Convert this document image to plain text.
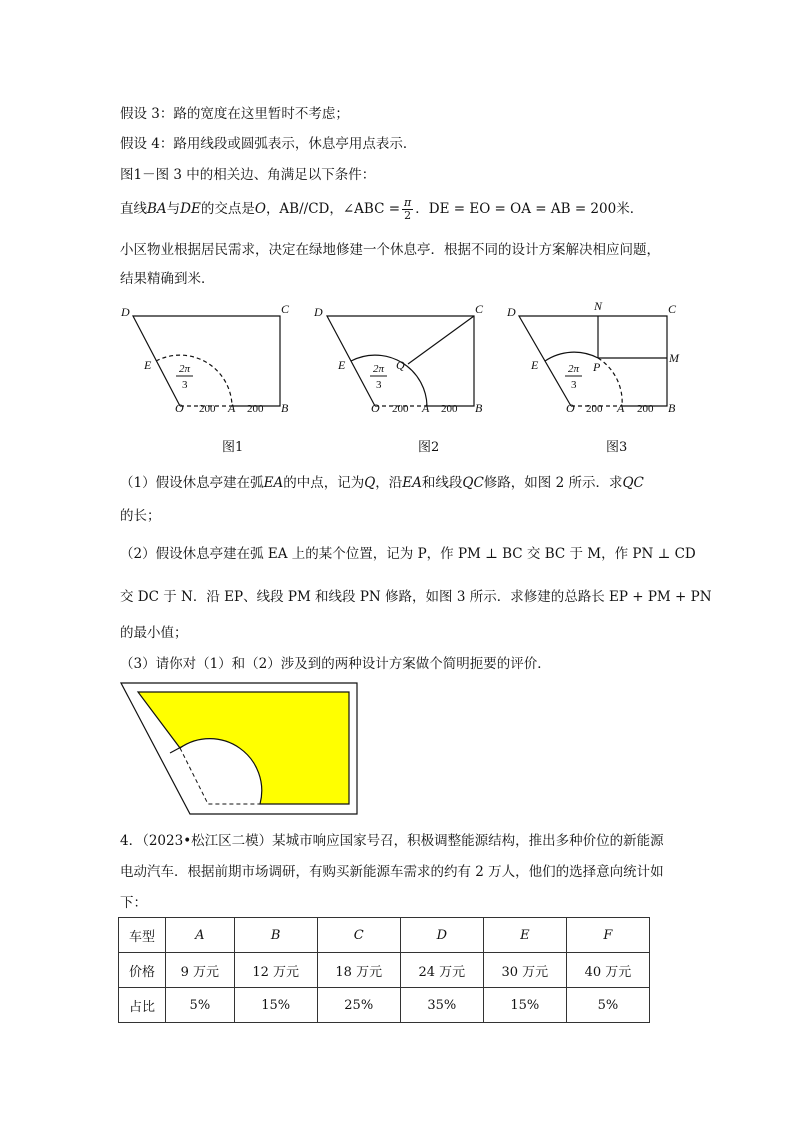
假设 3：路的宽度在这里暂时不考虑；
假设 4：路用线段或圆弧表示，休息亭用点表示．
图1－图 3 中的相关边、角满足以下条件：
直线BA与DE的交点是O，AB//CD，∠ABC = $\frac{\pi}{2}$ ．DE = EO = OA = AB = 200米．
小区物业根据居民需求，决定在绿地修建一个休息亭．根据不同的设计方案解决相应问题，
结果精确到米．
D	C
E
O	A	B
2π
3
200	200
D	C
E
O	A	B
Q
2π
3
200	200
D	C
E
O	A	B
N
M
P
2π
3
200	200
图1	图2	图3
（1）假设休息亭建在弧EA的中点，记为Q，沿EA和线段QC修路，如图 2 所示．求QC
的长；
（2）假设休息亭建在弧 EA 上的某个位置，记为 P，作 PM ⊥ BC 交 BC 于 M，作 PN ⊥ CD
交 DC 于 N．沿 EP、线段 PM 和线段 PN 修路，如图 3 所示．求修建的总路长 EP + PM + PN
的最小值；
（3）请你对（1）和（2）涉及到的两种设计方案做个简明扼要的评价．
4．（2023•松江区二模）某城市响应国家号召，积极调整能源结构，推出多种价位的新能源
电动汽车．根据前期市场调研，有购买新能源车需求的约有 2 万人，他们的选择意向统计如
下：
车型	A	B	C	D	E	F
价格	9 万元	12 万元	18 万元	24 万元	30 万元	40 万元
占比	5%	15%	25%	35%	15%	5%
